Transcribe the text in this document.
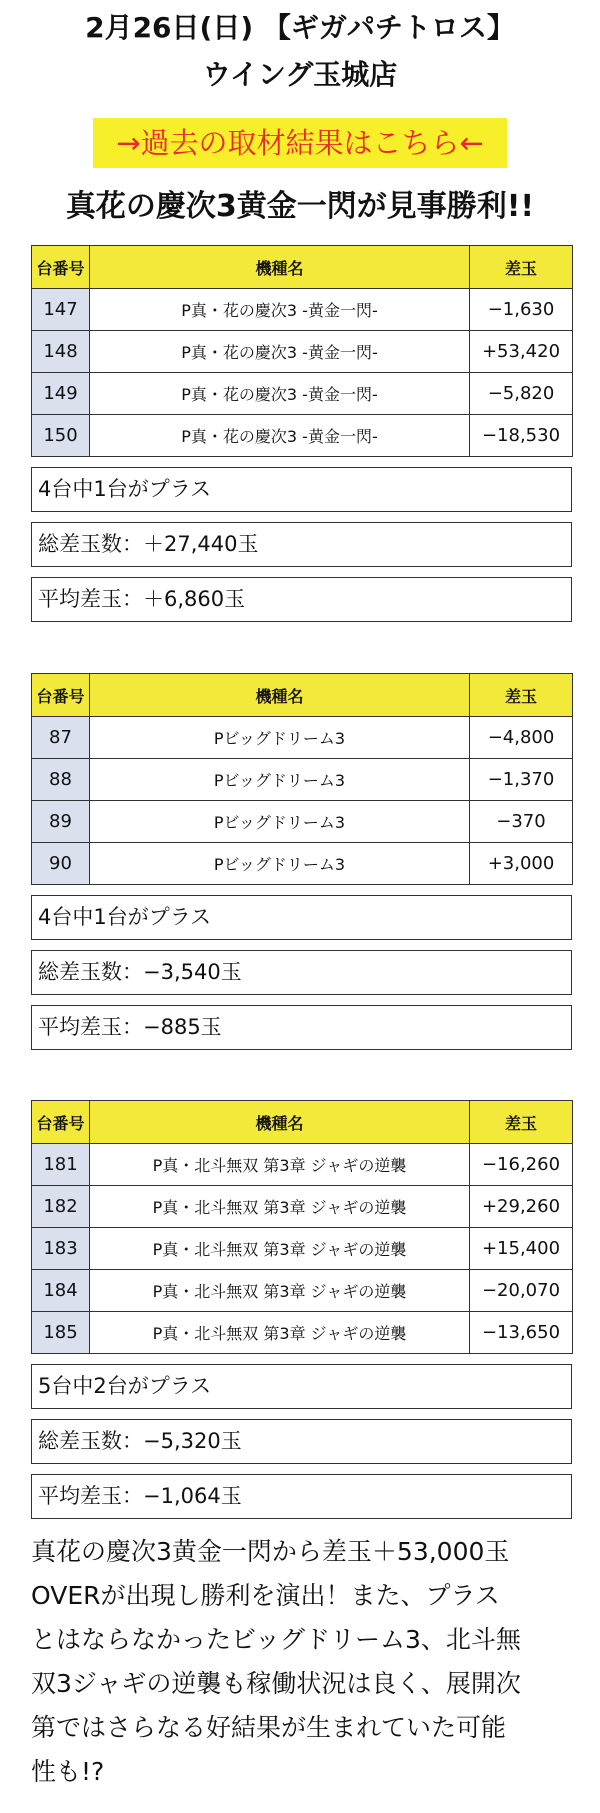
2月26日(日) 【ギガパチトロス】
ウイング玉城店
→過去の取材結果はこちら←
真花の慶次3黄金一閃が見事勝利!!
台番号	機種名	差玉
147	P真・花の慶次3 -黄金一閃-	−1,630
148	P真・花の慶次3 -黄金一閃-	+53,420
149	P真・花の慶次3 -黄金一閃-	−5,820
150	P真・花の慶次3 -黄金一閃-	−18,530
4台中1台がプラス
総差玉数：＋27,440玉
平均差玉：＋6,860玉
台番号	機種名	差玉
87	Pビッグドリーム3	−4,800
88	Pビッグドリーム3	−1,370
89	Pビッグドリーム3	−370
90	Pビッグドリーム3	+3,000
4台中1台がプラス
総差玉数：−3,540玉
平均差玉：−885玉
台番号	機種名	差玉
181	P真・北斗無双 第3章 ジャギの逆襲	−16,260
182	P真・北斗無双 第3章 ジャギの逆襲	+29,260
183	P真・北斗無双 第3章 ジャギの逆襲	+15,400
184	P真・北斗無双 第3章 ジャギの逆襲	−20,070
185	P真・北斗無双 第3章 ジャギの逆襲	−13,650
5台中2台がプラス
総差玉数：−5,320玉
平均差玉：−1,064玉
真花の慶次3黄金一閃から差玉＋53,000玉
OVERが出現し勝利を演出！また、プラス
とはならなかったビッグドリーム3、北斗無
双3ジャギの逆襲も稼働状況は良く、展開次
第ではさらなる好結果が生まれていた可能
性も!?
